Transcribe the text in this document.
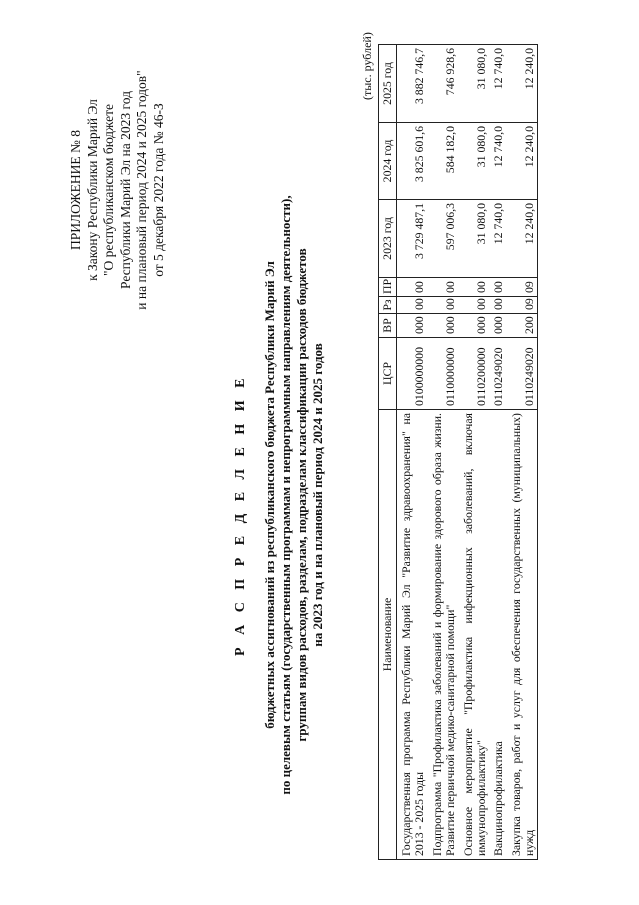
ПРИЛОЖЕНИЕ № 8 к Закону Республики Марий Эл "О республиканском бюджете Республики Марий Эл на 2023 год и на плановый период 2024 и 2025 годов" от 5 декабря 2022 года № 46-З
Р А С П Р Е Д Е Л Е Н И Е бюджетных ассигнований из республиканского бюджета Республики Марий Эл по целевым статьям (государственным программам и непрограммным направлениям деятельности), группам видов расходов, разделам, подразделам классификации расходов бюджетов на 2023 год и на плановый период 2024 и 2025 годов
(тыс. рублей)
Наименование	ЦСР	ВР	Рз	ПР	2023 год	2024 год	2025 год
Государственная программа Республики Марий Эл "Развитие здравоохранения" на 2013 - 2025 годы	0100000000	000	00	00	3 729 487,1	3 825 601,6	3 882 746,7
Подпрограмма "Профилактика заболеваний и формирование здорового образа жизни. Развитие первичной медико-санитарной помощи"	0110000000	000	00	00	597 006,3	584 182,0	746 928,6
Основное мероприятие "Профилактика инфекционных заболеваний, включая иммунопрофилактику"	0110200000	000	00	00	31 080,0	31 080,0	31 080,0
Вакцинопрофилактика	0110249020	000	00	00	12 740,0	12 740,0	12 740,0
Закупка товаров, работ и услуг для обеспечения государственных (муниципальных) нужд	0110249020	200	09	09	12 240,0	12 240,0	12 240,0
